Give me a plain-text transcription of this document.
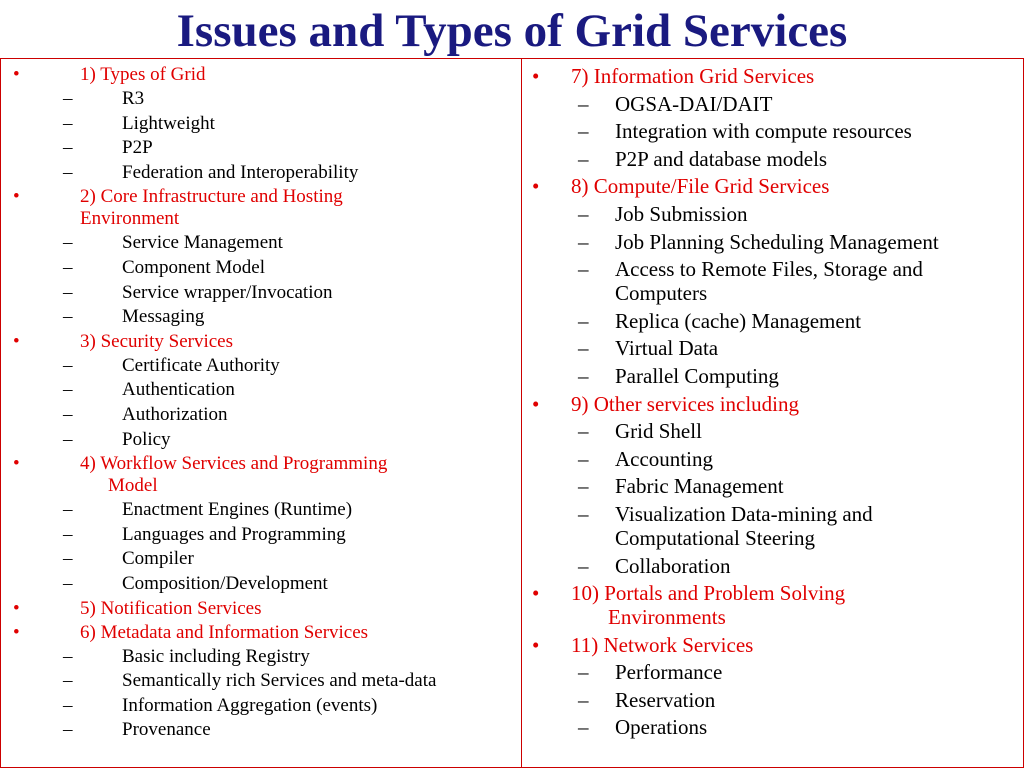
Issues and Types of Grid Services
•	1) Types of Grid
–	R3
–	Lightweight
–	P2P
–	Federation and Interoperability
•	2) Core Infrastructure and Hosting
Environment
–	Service Management
–	Component Model
–	Service wrapper/Invocation
–	Messaging
•	3) Security Services
–	Certificate Authority
–	Authentication
–	Authorization
–	Policy
•	4) Workflow Services and Programming
Model
–	Enactment Engines (Runtime)
–	Languages and Programming
–	Compiler
–	Composition/Development
•	5) Notification Services
•	6) Metadata and Information Services
–	Basic including Registry
–	Semantically rich Services and meta-data
–	Information Aggregation (events)
–	Provenance
• 7) Information Grid Services
– OGSA-DAI/DAIT
– Integration with compute resources
– P2P and database models
• 8) Compute/File Grid Services
– Job Submission
– Job Planning Scheduling Management
– Access to Remote Files, Storage and
Computers
– Replica (cache) Management
– Virtual Data
– Parallel Computing
• 9) Other services including
– Grid Shell
– Accounting
– Fabric Management
– Visualization Data-mining and
Computational Steering
– Collaboration
• 10) Portals and Problem Solving
Environments
• 11) Network Services
– Performance
– Reservation
– Operations
